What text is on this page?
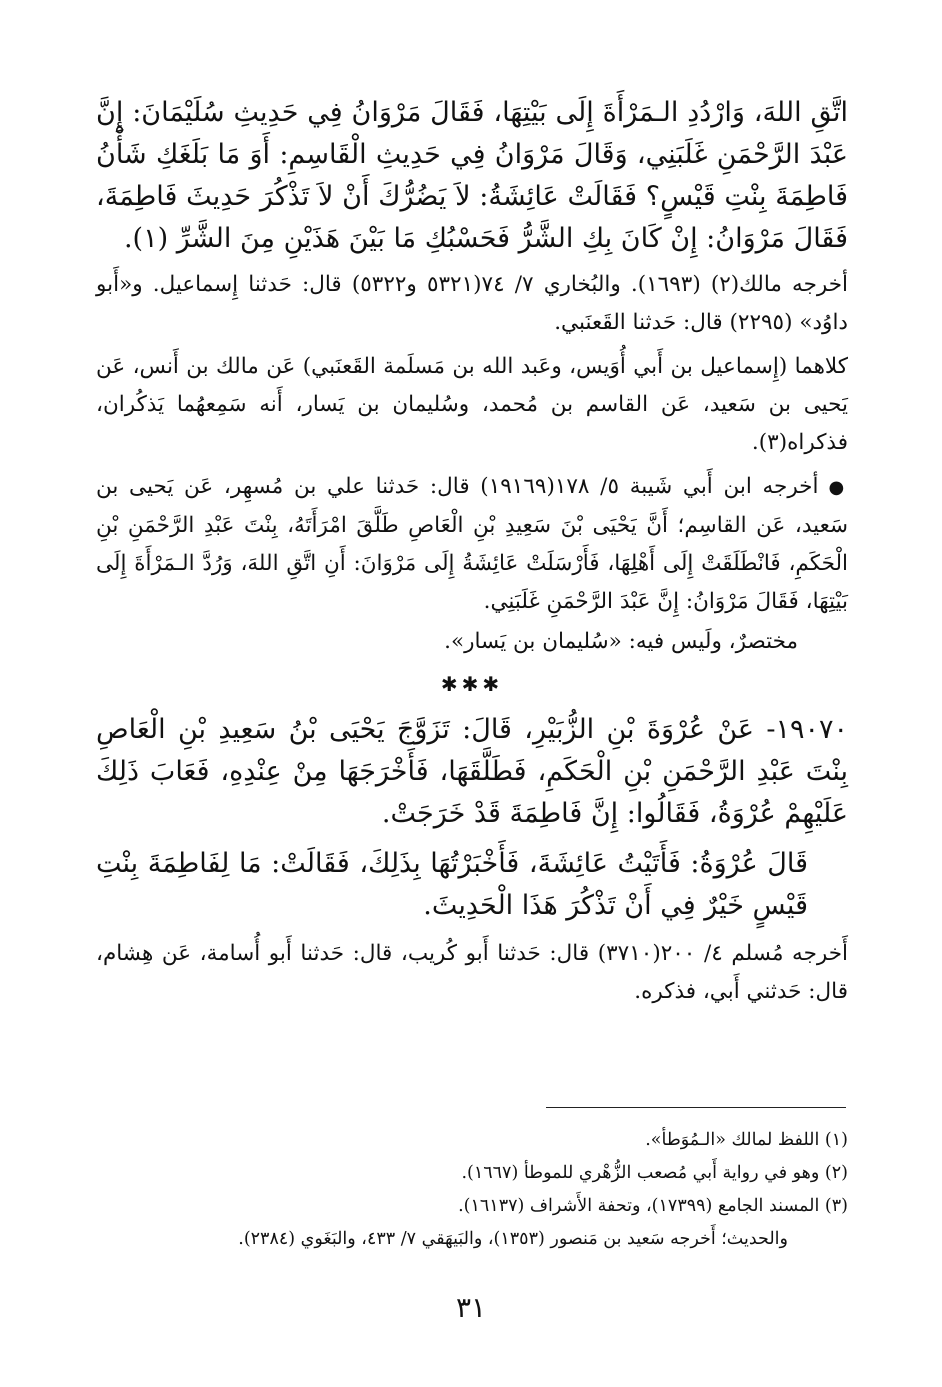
اتَّقِ اللهَ، وَارْدُدِ الـمَرْأَةَ إِلَى بَيْتِهَا، فَقَالَ مَرْوَانُ فِي حَدِيثِ سُلَيْمَانَ: إِنَّ عَبْدَ الرَّحْمَنِ غَلَبَنِي، وَقَالَ مَرْوَانُ فِي حَدِيثِ الْقَاسِمِ: أَوَ مَا بَلَغَكِ شَأْنُ فَاطِمَةَ بِنْتِ قَيْسٍ؟ فَقَالَتْ عَائِشَةُ: لاَ يَضُرُّكَ أَنْ لاَ تَذْكُرَ حَدِيثَ فَاطِمَةَ، فَقَالَ مَرْوَانُ: إِنْ كَانَ بِكِ الشَّرُّ فَحَسْبُكِ مَا بَيْنَ هَذَيْنِ مِنَ الشَّرِّ (١).

أخرجه مالك(٢) (١٦٩٣). والبُخاري ٧/ ٧٤(٥٣٢١ و٥٣٢٢) قال: حَدثنا إِسماعيل. و«أَبو داوُد» (٢٢٩٥) قال: حَدثنا القَعنَبي.

كلاهما (إِسماعيل بن أَبي أُوَيس، وعَبد الله بن مَسلَمة القَعنَبي) عَن مالك بن أَنس، عَن يَحيى بن سَعيد، عَن القاسم بن مُحمد، وسُليمان بن يَسار، أَنه سَمِعهُما يَذكُران، فذكراه(٣).

●أخرجه ابن أَبي شَيبة ٥/ ١٧٨(١٩١٦٩) قال: حَدثنا علي بن مُسهِر، عَن يَحيى بن سَعيد، عَن القاسِم؛ أَنَّ يَحْيَى بْنَ سَعِيدِ بْنِ الْعَاصِ طَلَّقَ امْرَأَتَهُ، بِنْتَ عَبْدِ الرَّحْمَنِ بْنِ الْحَكَمِ، فَانْطَلَقَتْ إِلَى أَهْلِهَا، فَأَرْسَلَتْ عَائِشَةُ إِلَى مَرْوَانَ: أَنِ اتَّقِ اللهَ، وَرُدَّ الـمَرْأَةَ إِلَى بَيْتِهَا، فَقَالَ مَرْوَانُ: إِنَّ عَبْدَ الرَّحْمَنِ غَلَبَنِي.

مختصرٌ، ولَيس فيه: «سُليمان بن يَسار».

✱✱✱

١٩٠٧٠- عَنْ عُرْوَةَ بْنِ الزُّبَيْرِ، قَالَ: تَزَوَّجَ يَحْيَى بْنُ سَعِيدِ بْنِ الْعَاصِ بِنْتَ عَبْدِ الرَّحْمَنِ بْنِ الْحَكَمِ، فَطَلَّقَهَا، فَأَخْرَجَهَا مِنْ عِنْدِهِ، فَعَابَ ذَلِكَ عَلَيْهِمْ عُرْوَةُ، فَقَالُوا: إِنَّ فَاطِمَةَ قَدْ خَرَجَتْ.

قَالَ عُرْوَةُ: فَأَتَيْتُ عَائِشَةَ، فَأَخْبَرْتُهَا بِذَلِكَ، فَقَالَتْ: مَا لِفَاطِمَةَ بِنْتِ قَيْسٍ خَيْرٌ فِي أَنْ تَذْكُرَ هَذَا الْحَدِيثَ.

أَخرجه مُسلم ٤/ ٢٠٠(٣٧١٠) قال: حَدثنا أَبو كُريب، قال: حَدثنا أَبو أُسامة، عَن هِشام، قال: حَدثني أَبي، فذكره.

(١) اللفظ لمالك «الـمُوَطأ».

(٢) وهو في رواية أَبي مُصعب الزُّهْري للموطأ (١٦٦٧).

(٣) المسند الجامع (١٧٣٩٩)، وتحفة الأَشراف (١٦١٣٧).

والحديث؛ أَخرجه سَعيد بن مَنصور (١٣٥٣)، والبَيهَقي ٧/ ٤٣٣، والبَغَوي (٢٣٨٤).

٣١
